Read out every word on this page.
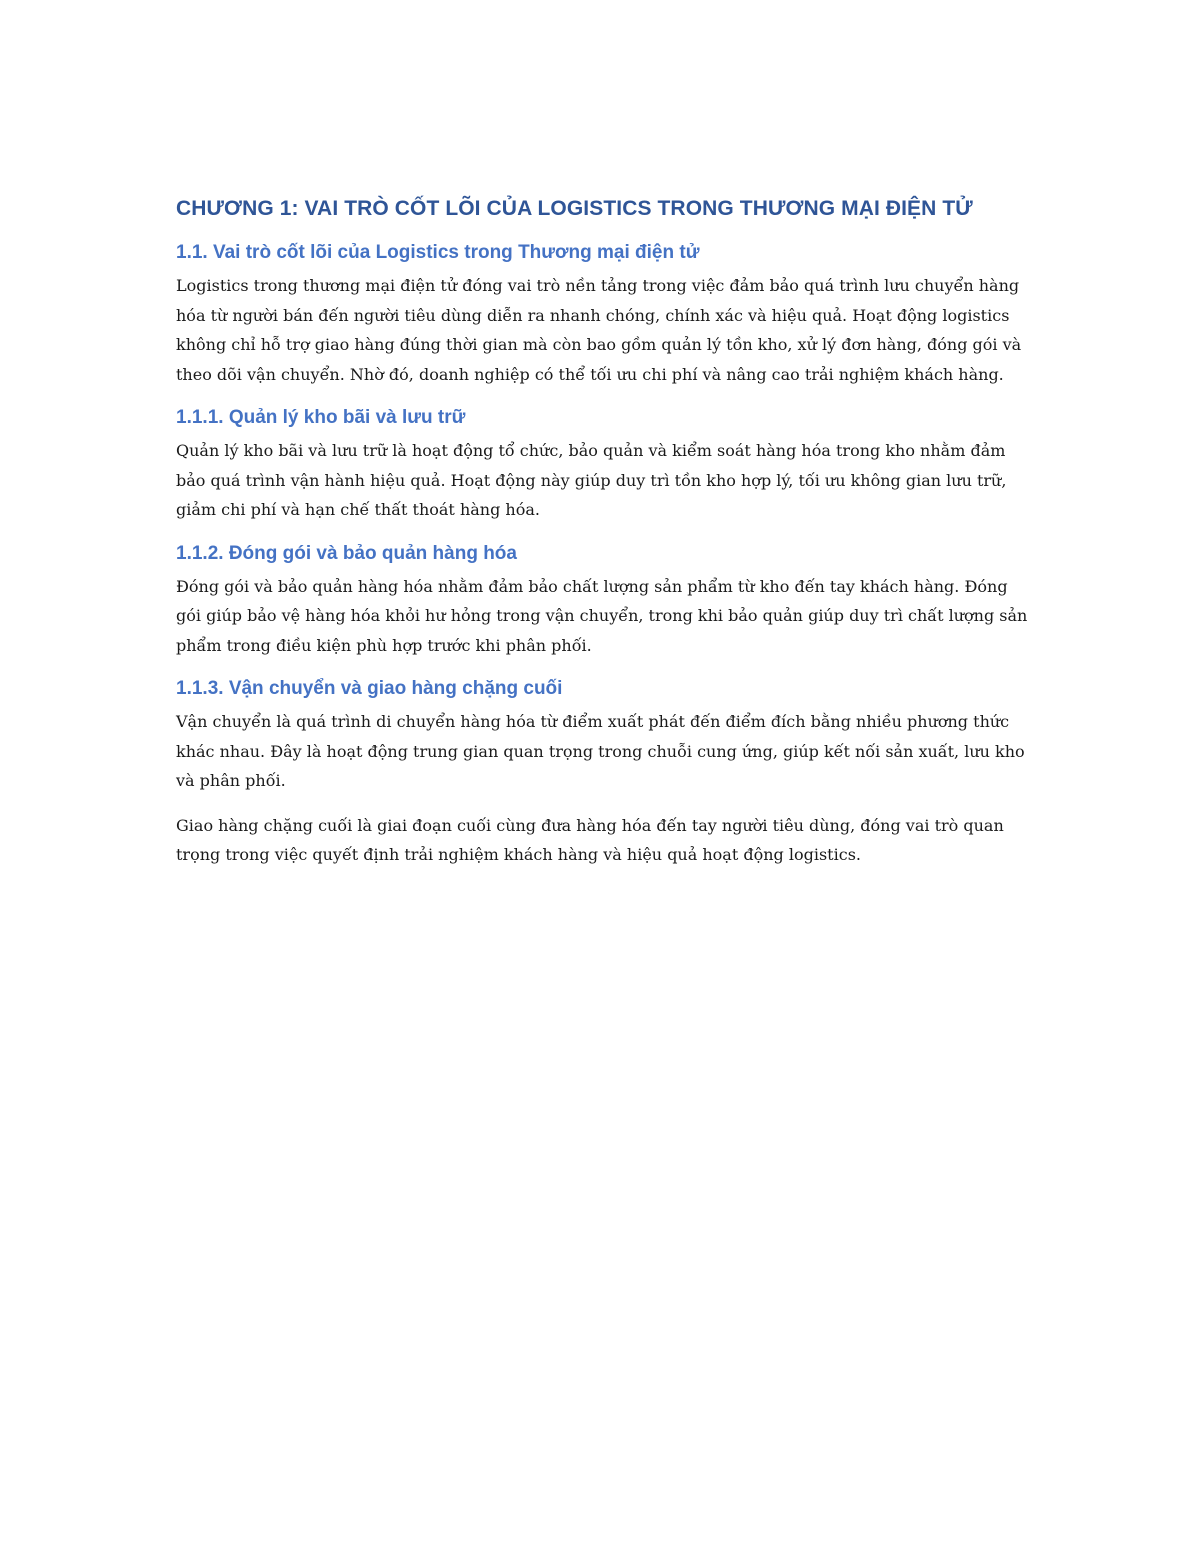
CHƯƠNG 1: VAI TRÒ CỐT LÕI CỦA LOGISTICS TRONG THƯƠNG MẠI ĐIỆN TỬ
1.1. Vai trò cốt lõi của Logistics trong Thương mại điện tử

Logistics trong thương mại điện tử đóng vai trò nền tảng trong việc đảm bảo quá trình lưu chuyển hàng hóa từ người bán đến người tiêu dùng diễn ra nhanh chóng, chính xác và hiệu quả. Hoạt động logistics không chỉ hỗ trợ giao hàng đúng thời gian mà còn bao gồm quản lý tồn kho, xử lý đơn hàng, đóng gói và theo dõi vận chuyển. Nhờ đó, doanh nghiệp có thể tối ưu chi phí và nâng cao trải nghiệm khách hàng.

1.1.1. Quản lý kho bãi và lưu trữ

Quản lý kho bãi và lưu trữ là hoạt động tổ chức, bảo quản và kiểm soát hàng hóa trong kho nhằm đảm bảo quá trình vận hành hiệu quả. Hoạt động này giúp duy trì tồn kho hợp lý, tối ưu không gian lưu trữ, giảm chi phí và hạn chế thất thoát hàng hóa.

1.1.2. Đóng gói và bảo quản hàng hóa

Đóng gói và bảo quản hàng hóa nhằm đảm bảo chất lượng sản phẩm từ kho đến tay khách hàng. Đóng gói giúp bảo vệ hàng hóa khỏi hư hỏng trong vận chuyển, trong khi bảo quản giúp duy trì chất lượng sản phẩm trong điều kiện phù hợp trước khi phân phối.

1.1.3. Vận chuyển và giao hàng chặng cuối

Vận chuyển là quá trình di chuyển hàng hóa từ điểm xuất phát đến điểm đích bằng nhiều phương thức khác nhau. Đây là hoạt động trung gian quan trọng trong chuỗi cung ứng, giúp kết nối sản xuất, lưu kho và phân phối.

Giao hàng chặng cuối là giai đoạn cuối cùng đưa hàng hóa đến tay người tiêu dùng, đóng vai trò quan trọng trong việc quyết định trải nghiệm khách hàng và hiệu quả hoạt động logistics.
